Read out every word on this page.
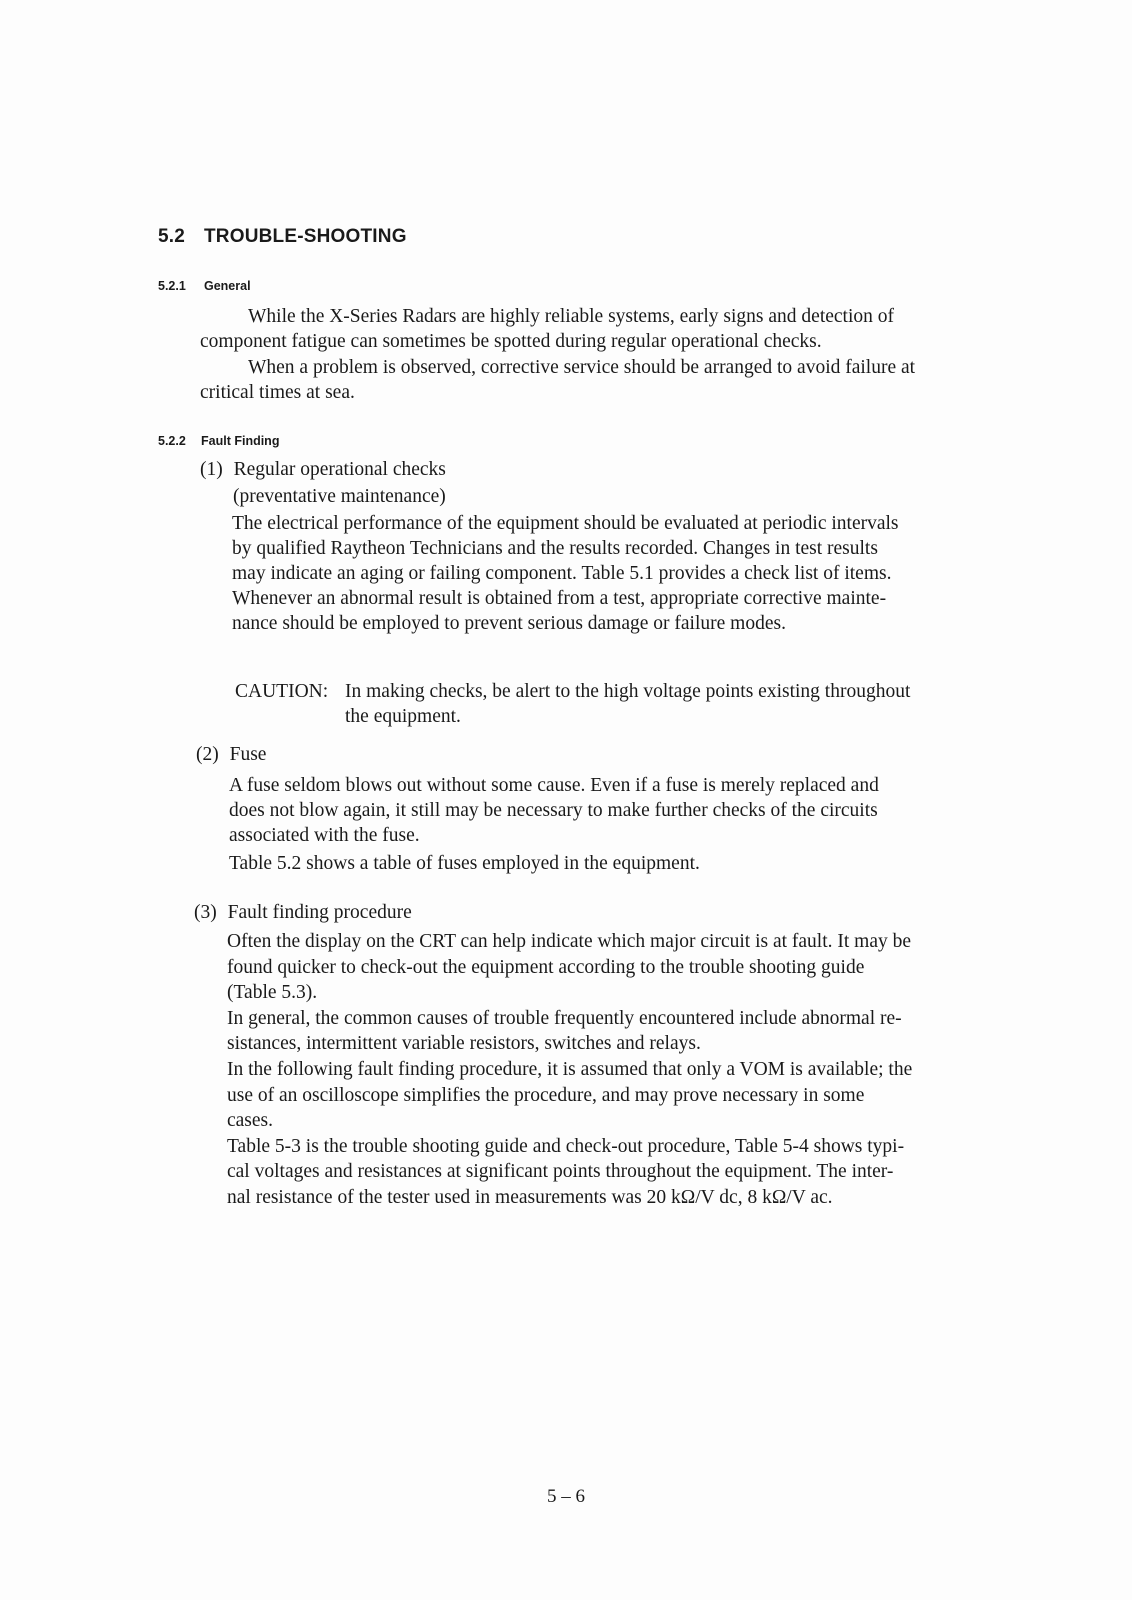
5.2 TROUBLE-SHOOTING
5.2.1 General
While the X-Series Radars are highly reliable systems, early signs and detection of
component fatigue can sometimes be spotted during regular operational checks.
When a problem is observed, corrective service should be arranged to avoid failure at
critical times at sea.
5.2.2 Fault Finding
(1) Regular operational checks
(preventative maintenance)
The electrical performance of the equipment should be evaluated at periodic intervals
by qualified Raytheon Technicians and the results recorded. Changes in test results
may indicate an aging or failing component. Table 5.1 provides a check list of items.
Whenever an abnormal result is obtained from a test, appropriate corrective mainte-
nance should be employed to prevent serious damage or failure modes.
CAUTION: In making checks, be alert to the high voltage points existing throughout
the equipment.
(2) Fuse
A fuse seldom blows out without some cause. Even if a fuse is merely replaced and
does not blow again, it still may be necessary to make further checks of the circuits
associated with the fuse.
Table 5.2 shows a table of fuses employed in the equipment.
(3) Fault finding procedure
Often the display on the CRT can help indicate which major circuit is at fault. It may be
found quicker to check-out the equipment according to the trouble shooting guide
(Table 5.3).
In general, the common causes of trouble frequently encountered include abnormal re-
sistances, intermittent variable resistors, switches and relays.
In the following fault finding procedure, it is assumed that only a VOM is available; the
use of an oscilloscope simplifies the procedure, and may prove necessary in some
cases.
Table 5-3 is the trouble shooting guide and check-out procedure, Table 5-4 shows typi-
cal voltages and resistances at significant points throughout the equipment. The inter-
nal resistance of the tester used in measurements was 20 kΩ/V dc, 8 kΩ/V ac.
5 – 6
